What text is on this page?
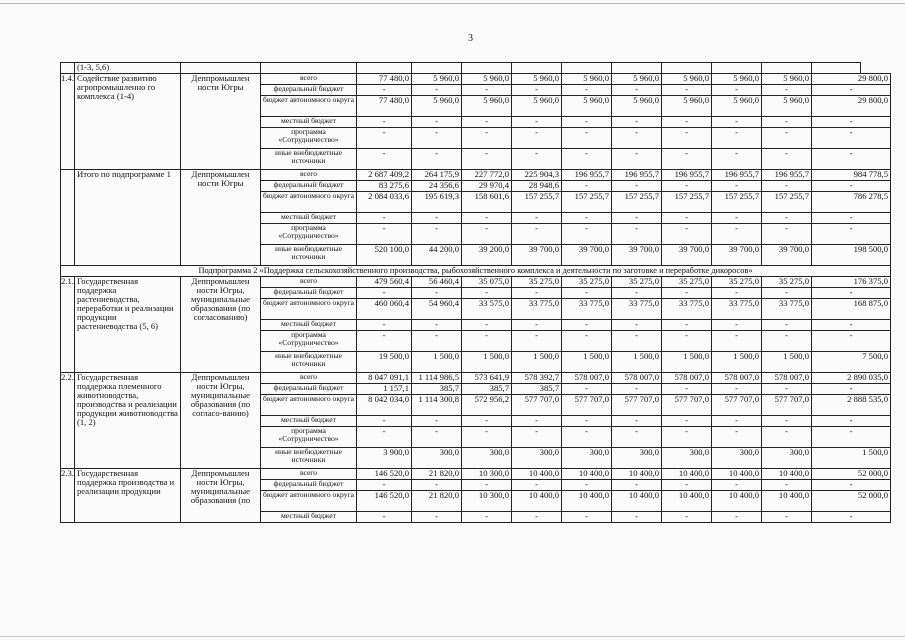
3
	(1-3, 5,6)												
1.4.	Содействие развитию агропромышленно го комплекса (1-4)	Деппромышлен ности Югры	всего	77 480,0	5 960,0	5 960,0	5 960,0	5 960,0	5 960,0	5 960,0	5 960,0	5 960,0	29 800,0
			федеральный бюджет	-	-	-	-	-	-	-	-	-	-
			бюджет автономного округа	77 480,0	5 960,0	5 960,0	5 960,0	5 960,0	5 960,0	5 960,0	5 960,0	5 960,0	29 800,0
			местный бюджет	-	-	-	-	-	-	-	-	-	-
			программа «Сотрудничество»	-	-	-	-	-	-	-	-	-	-
			иные внебюджетные источники	-	-	-	-	-	-	-	-	-	-
	Итого по подпрограмме 1	Деппромышлен ности Югры	всего	2 687 409,2	264 175,9	227 772,0	225 904,3	196 955,7	196 955,7	196 955,7	196 955,7	196 955,7	984 778,5
			федеральный бюджет	83 275,6	24 356,6	29 970,4	28 948,6	-	-	-	-	-	-
			бюджет автономного округа	2 084 033,6	195 619,3	158 601,6	157 255,7	157 255,7	157 255,7	157 255,7	157 255,7	157 255,7	786 278,5
			местный бюджет	-	-	-	-	-	-	-	-	-	-
			программа «Сотрудничество»	-	-	-	-	-	-	-	-	-	-
			иные внебюджетные источники	520 100,0	44 200,0	39 200,0	39 700,0	39 700,0	39 700,0	39 700,0	39 700,0	39 700,0	198 500,0
Подпрограмма 2 «Поддержка сельскохозяйственного производства, рыбохозяйственного комплекса и деятельности по заготовке и переработке дикоросов»													
2.1.	Государственная поддержка растениеводства, переработки и реализации продукции растениеводства (5, 6)	Деппромышлен ности Югры, муниципальные образования (по согласованию)	всего	479 560,4	56 460,4	35 075,0	35 275,0	35 275,0	35 275,0	35 275,0	35 275,0	35 275,0	176 375,0
			федеральный бюджет	-	-	-	-	-	-	-	-	-	-
			бюджет автономного округа	460 060,4	54 960,4	33 575,0	33 775,0	33 775,0	33 775,0	33 775,0	33 775,0	33 775,0	168 875,0
			местный бюджет	-	-	-	-	-	-	-	-	-	-
			программа «Сотрудничество»	-	-	-	-	-	-	-	-	-	-
			иные внебюджетные источники	19 500,0	1 500,0	1 500,0	1 500,0	1 500,0	1 500,0	1 500,0	1 500,0	1 500,0	7 500,0
2.2.	Государственная поддержка племенного животноводства, производства и реализации продукции животноводства (1, 2)	Деппромышлен ности Югры, муниципальные образования (по согласо-ванию)	всего	8 047 091,1	1 114 986,5	573 641,9	578 392,7	578 007,0	578 007,0	578 007,0	578 007,0	578 007,0	2 890 035,0
			федеральный бюджет	1 157,1	385,7	385,7	385,7	-	-	-	-	-	-
			бюджет автономного округа	8 042 034,0	1 114 300,8	572 956,2	577 707,0	577 707,0	577 707,0	577 707,0	577 707,0	577 707,0	2 888 535,0
			местный бюджет	-	-	-	-	-	-	-	-	-	-
			программа «Сотрудничество»	-	-	-	-	-	-	-	-	-	-
			иные внебюджетные источники	3 900,0	300,0	300,0	300,0	300,0	300,0	300,0	300,0	300,0	1 500,0
2.3.	Государственная поддержка производства и реализации продукции	Деппромышлен ности Югры, муниципальные образования (по	всего	146 520,0	21 820,0	10 300,0	10 400,0	10 400,0	10 400,0	10 400,0	10 400,0	10 400,0	52 000,0
			федеральный бюджет	-	-	-	-	-	-	-	-	-	-
			бюджет автономного округа	146 520,0	21 820,0	10 300,0	10 400,0	10 400,0	10 400,0	10 400,0	10 400,0	10 400,0	52 000,0
			местный бюджет	-	-	-	-	-	-	-	-	-	-
